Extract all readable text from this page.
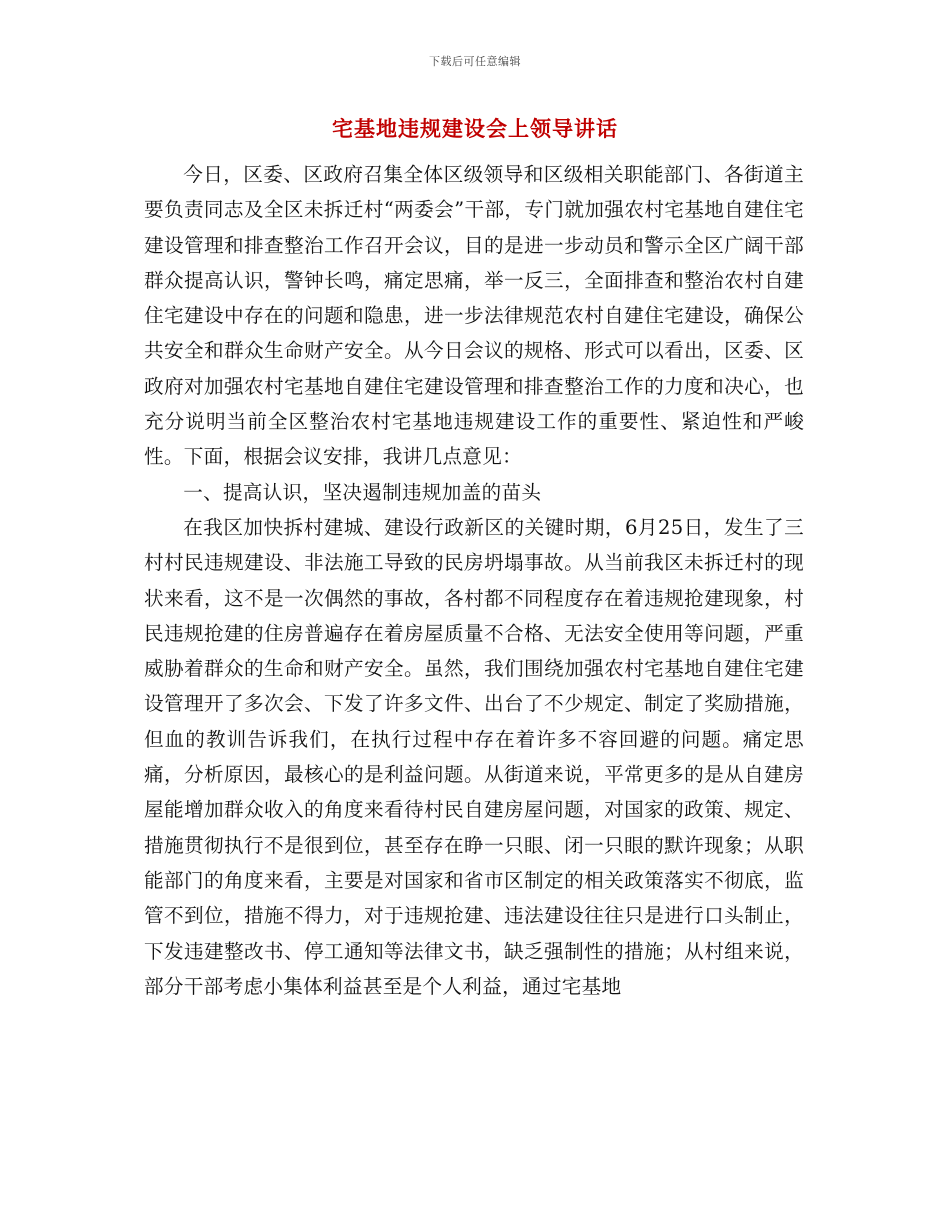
下载后可任意编辑
宅基地违规建设会上领导讲话

今日，区委、区政府召集全体区级领导和区级相关职能部门、各街道主要负责同志及全区未拆迁村“两委会”干部，专门就加强农村宅基地自建住宅建设管理和排查整治工作召开会议，目的是进一步动员和警示全区广阔干部群众提高认识，警钟长鸣，痛定思痛，举一反三，全面排查和整治农村自建住宅建设中存在的问题和隐患，进一步法律规范农村自建住宅建设，确保公共安全和群众生命财产安全。从今日会议的规格、形式可以看出，区委、区政府对加强农村宅基地自建住宅建设管理和排查整治工作的力度和决心，也充分说明当前全区整治农村宅基地违规建设工作的重要性、紧迫性和严峻性。下面，根据会议安排，我讲几点意见：

一、提高认识，坚决遏制违规加盖的苗头

在我区加快拆村建城、建设行政新区的关键时期，6月25日，发生了三村村民违规建设、非法施工导致的民房坍塌事故。从当前我区未拆迁村的现状来看，这不是一次偶然的事故，各村都不同程度存在着违规抢建现象，村民违规抢建的住房普遍存在着房屋质量不合格、无法安全使用等问题，严重威胁着群众的生命和财产安全。虽然，我们围绕加强农村宅基地自建住宅建设管理开了多次会、下发了许多文件、出台了不少规定、制定了奖励措施，但血的教训告诉我们，在执行过程中存在着许多不容回避的问题。痛定思痛，分析原因，最核心的是利益问题。从街道来说，平常更多的是从自建房屋能增加群众收入的角度来看待村民自建房屋问题，对国家的政策、规定、措施贯彻执行不是很到位，甚至存在睁一只眼、闭一只眼的默许现象；从职能部门的角度来看，主要是对国家和省市区制定的相关政策落实不彻底，监管不到位，措施不得力，对于违规抢建、违法建设往往只是进行口头制止，下发违建整改书、停工通知等法律文书，缺乏强制性的措施；从村组来说，部分干部考虑小集体利益甚至是个人利益，通过宅基地
